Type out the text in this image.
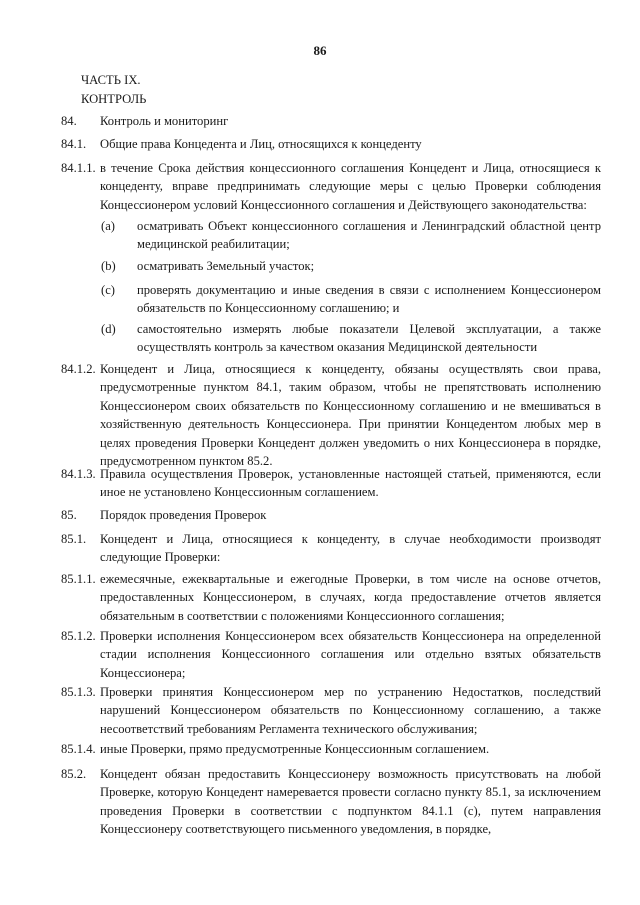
86
ЧАСТЬ IX.
КОНТРОЛЬ
84.	Контроль и мониторинг
84.1.	Общие права Концедента и Лиц, относящихся к концеденту
84.1.1. в течение Срока действия концессионного соглашения Концедент и Лица, относящиеся к концеденту, вправе предпринимать следующие меры с целью Проверки соблюдения Концессионером условий Концессионного соглашения и Действующего законодательства:
(a)	осматривать Объект концессионного соглашения и Ленинградский областной центр медицинской реабилитации;
(b)	осматривать Земельный участок;
(c)	проверять документацию и иные сведения в связи с исполнением Концессионером обязательств по Концессионному соглашению; и
(d)	самостоятельно измерять любые показатели Целевой эксплуатации, а также осуществлять контроль за качеством оказания Медицинской деятельности
84.1.2. Концедент и Лица, относящиеся к концеденту, обязаны осуществлять свои права, предусмотренные пунктом 84.1, таким образом, чтобы не препятствовать исполнению Концессионером своих обязательств по Концессионному соглашению и не вмешиваться в хозяйственную деятельность Концессионера. При принятии Концедентом любых мер в целях проведения Проверки Концедент должен уведомить о них Концессионера в порядке, предусмотренном пунктом 85.2.
84.1.3. Правила осуществления Проверок, установленные настоящей статьей, применяются, если иное не установлено Концессионным соглашением.
85.	Порядок проведения Проверок
85.1.	Концедент и Лица, относящиеся к концеденту, в случае необходимости производят следующие Проверки:
85.1.1. ежемесячные, ежеквартальные и ежегодные Проверки, в том числе на основе отчетов, предоставленных Концессионером, в случаях, когда предоставление отчетов является обязательным в соответствии с положениями Концессионного соглашения;
85.1.2. Проверки исполнения Концессионером всех обязательств Концессионера на определенной стадии исполнения Концессионного соглашения или отдельно взятых обязательств Концессионера;
85.1.3. Проверки принятия Концессионером мер по устранению Недостатков, последствий нарушений Концессионером обязательств по Концессионному соглашению, а также несоответствий требованиям Регламента технического обслуживания;
85.1.4. иные Проверки, прямо предусмотренные Концессионным соглашением.
85.2.	Концедент обязан предоставить Концессионеру возможность присутствовать на любой Проверке, которую Концедент намеревается провести согласно пункту 85.1, за исключением проведения Проверки в соответствии с подпунктом 84.1.1 (c), путем направления Концессионеру соответствующего письменного уведомления, в порядке,
